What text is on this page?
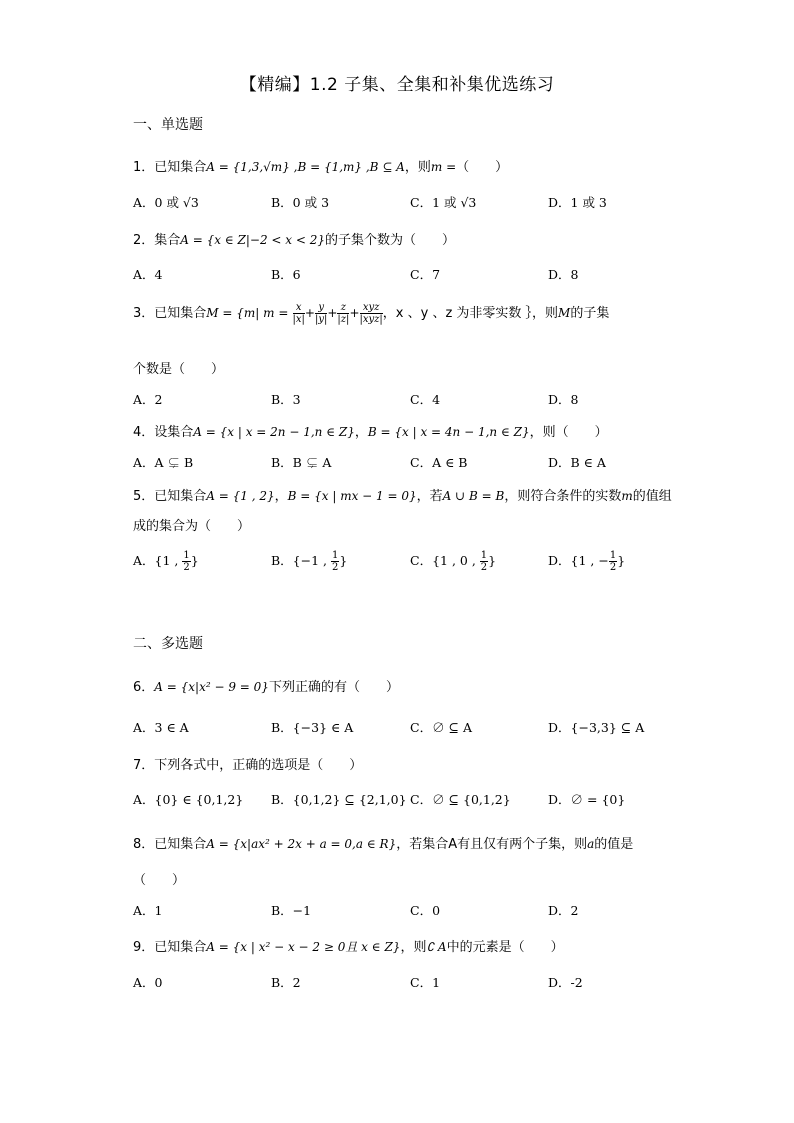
【精编】1.2 子集、全集和补集优选练习
一、单选题
1．已知集合A = {1,3,√m} ,B = {1,m} ,B ⊆ A，则m =（　　）
A．0 或 √3	B．0 或 3	C．1 或 √3	D．1 或 3
2．集合A = {x ∈ Z|−2 < x < 2}的子集个数为（　　）
A．4	B．6	C．7	D．8
3．已知集合M = {m| $m = \frac{x}{|x|} + \frac{y}{|y|} + \frac{z}{|z|} + \frac{\text{xyz}}{\text{|xyz|}}$ ，x 、y 、z 为非零实数 ｝，则M的子集
个数是（　　）
A．2	B．3	C．4	D．8
4．设集合A = {x | x = 2n − 1,n ∈ Z}，B = {x | x = 4n − 1,n ∈ Z}，则（　　）
A．A ⊊ B	B．B ⊊ A	C．A ∈ B	D．B ∈ A
5．已知集合A = {1 , 2}，B = {x | mx − 1 = 0}，若A ∪ B = B，则符合条件的实数m的值组
成的集合为（　　）
A．{1 , $\frac{1}{2}$ }	B．{−1 , $\frac{1}{2}$ }	C．{1 , 0 , $\frac{1}{2}$ }	D．{1 , − $\frac{1}{2}$ }
二、多选题
6．A = {x|x² − 9 = 0}下列正确的有（　　）
A．3 ∈ A	B．{−3} ∈ A	C．∅ ⊆ A	D．{−3,3} ⊆ A
7．下列各式中，正确的选项是（　　）
A．{0} ∈ {0,1,2} B．{0,1,2} ⊆ {2,1,0} C．∅ ⊆ {0,1,2}	D．∅ = {0}
8．已知集合A = {x|ax² + 2x + a = 0,a ∈ R}，若集合A有且仅有两个子集，则a的值是
（　　）
A．1	B．−1	C．0	D．2
9．已知集合A = {x | x² − x − 2 ≥ 0且 x ∈ Z}，则∁ A中的元素是（　　）
A．0	B．2	C．1	D．-2
